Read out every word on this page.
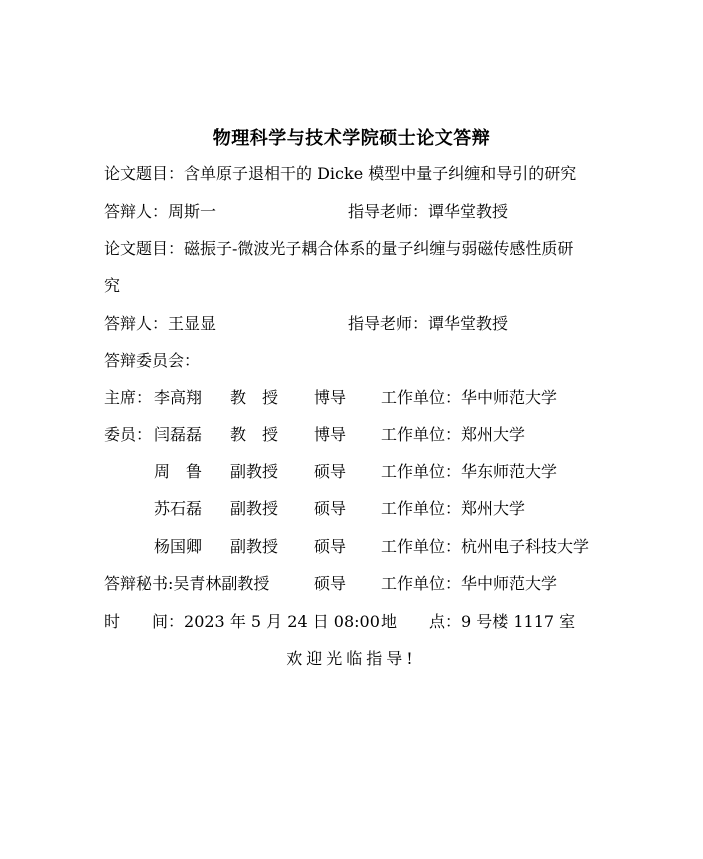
物理科学与技术学院硕士论文答辩
论文题目：含单原子退相干的 Dicke 模型中量子纠缠和导引的研究
答辩人：周斯一	指导老师：谭华堂教授
论文题目：磁振子-微波光子耦合体系的量子纠缠与弱磁传感性质研
究
答辩人：王显显	指导老师：谭华堂教授
答辩委员会：
主席： 李高翔 教　授 博导 工作单位：华中师范大学
委员： 闫磊磊 教　授 博导 工作单位：郑州大学
周　鲁 副教授 硕导 工作单位：华东师范大学
苏石磊 副教授 硕导 工作单位：郑州大学
杨国卿 副教授 硕导 工作单位：杭州电子科技大学
答辩秘书:吴青林副教授	硕导 工作单位：华中师范大学
时　　间：2023 年 5 月 24 日 08:00 地　　点：9 号楼 1117 室
欢迎光临指导!
